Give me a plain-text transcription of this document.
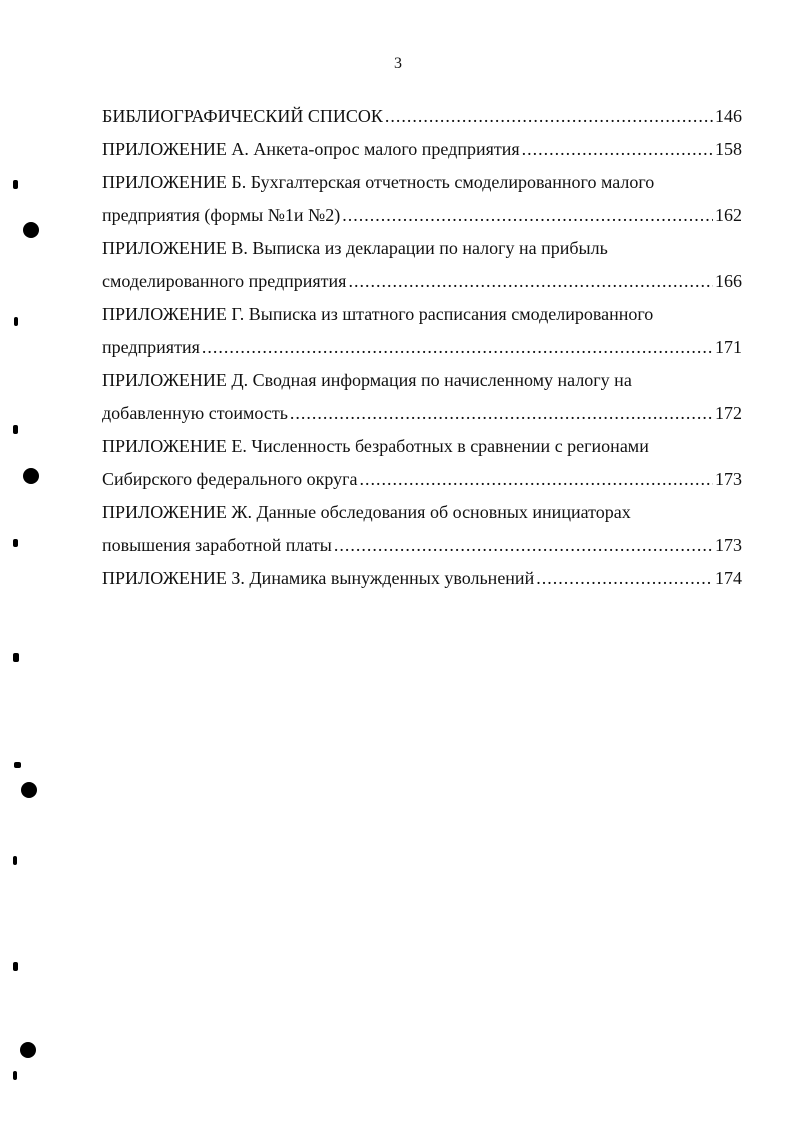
3
БИБЛИОГРАФИЧЕСКИЙ СПИСОК .....	146
ПРИЛОЖЕНИЕ А. Анкета-опрос малого предприятия .....	158
ПРИЛОЖЕНИЕ Б. Бухгалтерская отчетность смоделированного малого
предприятия (формы №1и №2) .....	162
ПРИЛОЖЕНИЕ В. Выписка из декларации по налогу на прибыль
смоделированного предприятия .....	166
ПРИЛОЖЕНИЕ Г. Выписка из штатного расписания смоделированного
предприятия .....	171
ПРИЛОЖЕНИЕ Д. Сводная информация по начисленному налогу на
добавленную стоимость .....	172
ПРИЛОЖЕНИЕ Е. Численность безработных в сравнении с регионами
Сибирского федерального округа .....	173
ПРИЛОЖЕНИЕ Ж. Данные обследования об основных инициаторах
повышения заработной платы .....	173
ПРИЛОЖЕНИЕ З. Динамика вынужденных увольнений .....	174
